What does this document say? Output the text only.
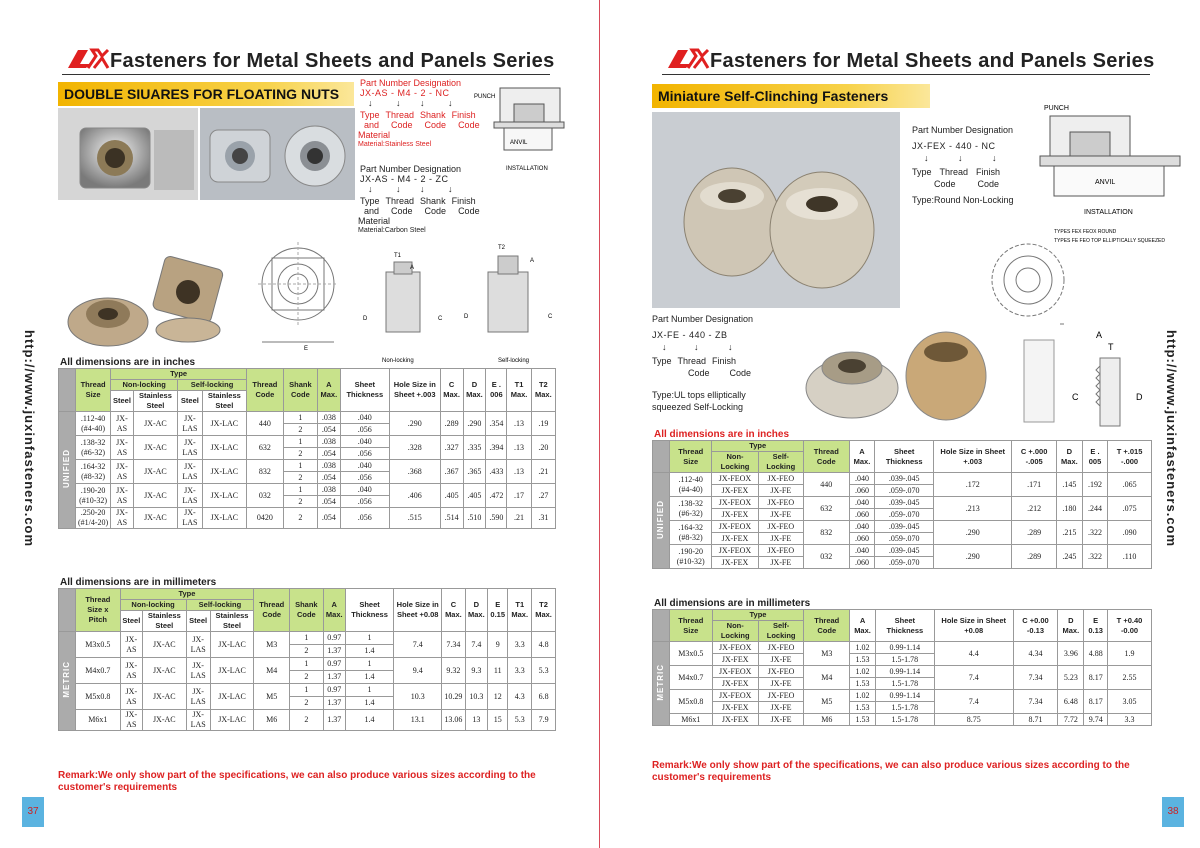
Fasteners for Metal Sheets and Panels Series
DOUBLE SIUARES FOR FLOATING NUTS
Part Number Designation
JX-AS - M4 - 2 - NC
↓	↓ ↓	↓
Type Thread Shank Finish
and Code Code Code
Material
Material:Stainless Steel
Part Number Designation
JX-AS - M4 - 2 - ZC
↓	↓ ↓	↓
Type Thread Shank Finish
and Code Code Code
Material
Material:Carbon Steel
PUNCH
ANVIL
INSTALLATION
E
T1
A
D	C
Non-locking
T2
A
D	C
Self-locking
http://www.juxinfasteners.com All dimensions are in inches
	Thread Size	Type				Thread Code	Shank Code	A Max.	Sheet Thickness	Hole Size in Sheet +.003	C Max.	D Max.	E . 006	T1 Max.	T2 Max.
		Non-locking		Self-locking											
		Steel	Stainless Steel	Steel	Stainless Steel										
UNIFIED	.112-40
(#4-40)	JX-AS	JX-AC	JX-LAS	JX-LAC	440	1	.038	.040	.290	.289	.290	.354	.13	.19
							2	.054	.056						
	.138-32
(#6-32)	JX-AS	JX-AC	JX-LAS	JX-LAC	632	1	.038	.040	.328	.327	.335	.394	.13	.20
							2	.054	.056						
	.164-32
(#8-32)	JX-AS	JX-AC	JX-LAS	JX-LAC	832	1	.038	.040	.368	.367	.365	.433	.13	.21
							2	.054	.056						
	.190-20
(#10-32)	JX-AS	JX-AC	JX-LAS	JX-LAC	032	1	.038	.040	.406	.405	.405	.472	.17	.27
							2	.054	.056						
	.250-20
(#1/4-20)	JX-AS	JX-AC	JX-LAS	JX-LAC	0420	2	.054	.056	.515	.514	.510	.590	.21	.31
All dimensions are in millimeters
	Thread Size x Pitch	Type				Thread Code	Shank Code	A Max.	Sheet Thickness	Hole Size in Sheet +0.08	C Max.	D Max.	E 0.15	T1 Max.	T2 Max.
		Non-locking		Self-locking											
		Steel	Stainless Steel	Steel	Stainless Steel										
METRIC	M3x0.5	JX-AS	JX-AC	JX-LAS	JX-LAC	M3	1	0.97	1	7.4	7.34	7.4	9	3.3	4.8
							2	1.37	1.4						
	M4x0.7	JX-AS	JX-AC	JX-LAS	JX-LAC	M4	1	0.97	1	9.4	9.32	9.3	11	3.3	5.3
							2	1.37	1.4						
	M5x0.8	JX-AS	JX-AC	JX-LAS	JX-LAC	M5	1	0.97	1	10.3	10.29	10.3	12	4.3	6.8
							2	1.37	1.4						
	M6x1	JX-AS	JX-AC	JX-LAS	JX-LAC	M6	2	1.37	1.4	13.1	13.06	13	15	5.3	7.9
Remark:We only show part of the specifications, we can also produce various sizes according to the customer's requirements
37
Fasteners for Metal Sheets and Panels Series
Miniature Self-Clinching Fasteners
Part Number Designation
JX-FEX - 440 - NC
↓	↓	↓
Type Thread Finish
Code Code
Type:Round Non-Locking
PUNCH
ANVIL
INSTALLATION
TYPES FEX FEOX ROUND
TYPES FE FEO TOP ELLIPTICALLY SQUEEZED
Part Number Designation
JX-FE - 440 - ZB
↓	↓	↓
Type Thread Finish
Code Code
Type:UL tops elliptically squeezed Self-Locking
A
T
C	D http://www.juxinfasteners.com
All dimensions are in inches
	Thread Size	Type		Thread Code	A Max.	Sheet Thickness	Hole Size in Sheet +.003	C +.000 -.005	D Max.	E . 005	T +.015 -.000
		Non-Locking	Self-Locking								
UNIFIED	.112-40
(#4-40)	JX-FEOX	JX-FEO	440	.040	.039-.045	.172	.171	.145	.192	.065
		JX-FEX	JX-FE		.060	.059-.070					
	.138-32
(#6-32)	JX-FEOX	JX-FEO	632	.040	.039-.045	.213	.212	.180	.244	.075
		JX-FEX	JX-FE		.060	.059-.070					
	.164-32
(#8-32)	JX-FEOX	JX-FEO	832	.040	.039-.045	.290	.289	.215	.322	.090
		JX-FEX	JX-FE		.060	.059-.070					
	.190-20
(#10-32)	JX-FEOX	JX-FEO	032	.040	.039-.045	.290	.289	.245	.322	.110
		JX-FEX	JX-FE		.060	.059-.070					
All dimensions are in millimeters
	Thread Size	Type		Thread Code	A Max.	Sheet Thickness	Hole Size in Sheet +0.08	C +0.00 -0.13	D Max.	E 0.13	T +0.40 -0.00
		Non-Locking	Self-Locking								
METRIC	M3x0.5	JX-FEOX	JX-FEO	M3	1.02	0.99-1.14	4.4	4.34	3.96	4.88	1.9
		JX-FEX	JX-FE		1.53	1.5-1.78					
	M4x0.7	JX-FEOX	JX-FEO	M4	1.02	0.99-1.14	7.4	7.34	5.23	8.17	2.55
		JX-FEX	JX-FE		1.53	1.5-1.78					
	M5x0.8	JX-FEOX	JX-FEO	M5	1.02	0.99-1.14	7.4	7.34	6.48	8.17	3.05
		JX-FEX	JX-FE		1.53	1.5-1.78					
	M6x1	JX-FEX	JX-FE	M6	1.53	1.5-1.78	8.75	8.71	7.72	9.74	3.3
Remark:We only show part of the specifications, we can also produce various sizes according to the customer's requirements
38
